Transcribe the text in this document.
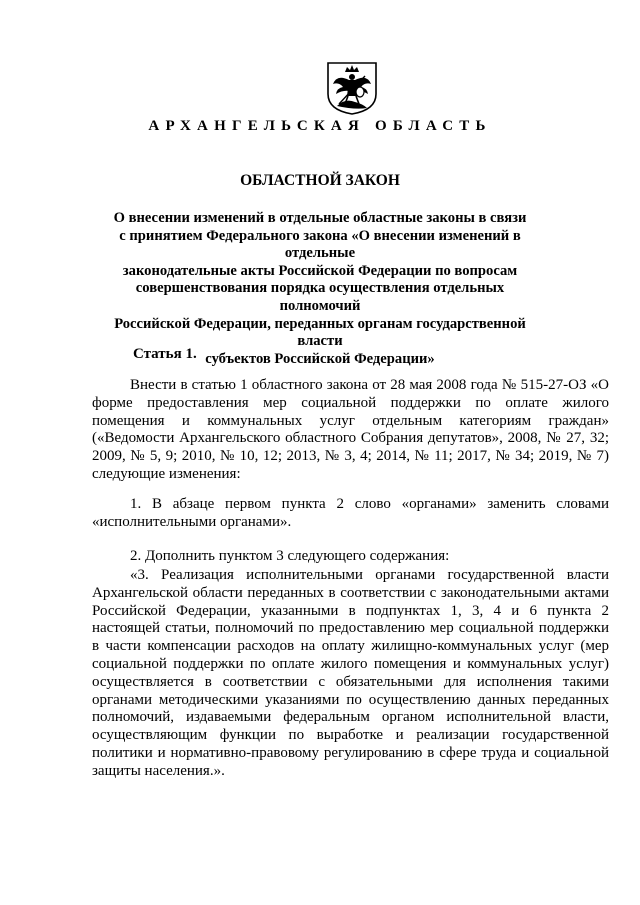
АРХАНГЕЛЬСКАЯ ОБЛАСТЬ
ОБЛАСТНОЙ ЗАКОН
О внесении изменений в отдельные областные законы в связи
с принятием Федерального закона «О внесении изменений в отдельные
законодательные акты Российской Федерации по вопросам
совершенствования порядка осуществления отдельных полномочий
Российской Федерации, переданных органам государственной власти
субъектов Российской Федерации»
Статья 1.

Внести в статью 1 областного закона от 28 мая 2008 года № 515-27-ОЗ «О форме предоставления мер социальной поддержки по оплате жилого помещения и коммунальных услуг отдельным категориям граждан» («Ведомости Архангельского областного Собрания депутатов», 2008, № 27, 32; 2009, № 5, 9; 2010, № 10, 12; 2013, № 3, 4; 2014, № 11; 2017, № 34; 2019, № 7) следующие изменения:

1. В абзаце первом пункта 2 слово «органами» заменить словами «исполнительными органами».

2. Дополнить пунктом 3 следующего содержания:

«3. Реализация исполнительными органами государственной власти Архангельской области переданных в соответствии с законодательными актами Российской Федерации, указанными в подпунктах 1, 3, 4 и 6 пункта 2 настоящей статьи, полномочий по предоставлению мер социальной поддержки в части компенсации расходов на оплату жилищно-коммунальных услуг (мер социальной поддержки по оплате жилого помещения и коммунальных услуг) осуществляется в соответствии с обязательными для исполнения такими органами методическими указаниями по осуществлению данных переданных полномочий, издаваемыми федеральным органом исполнительной власти, осуществляющим функции по выработке и реализации государственной политики и нормативно-правовому регулированию в сфере труда и социальной защиты населения.».
